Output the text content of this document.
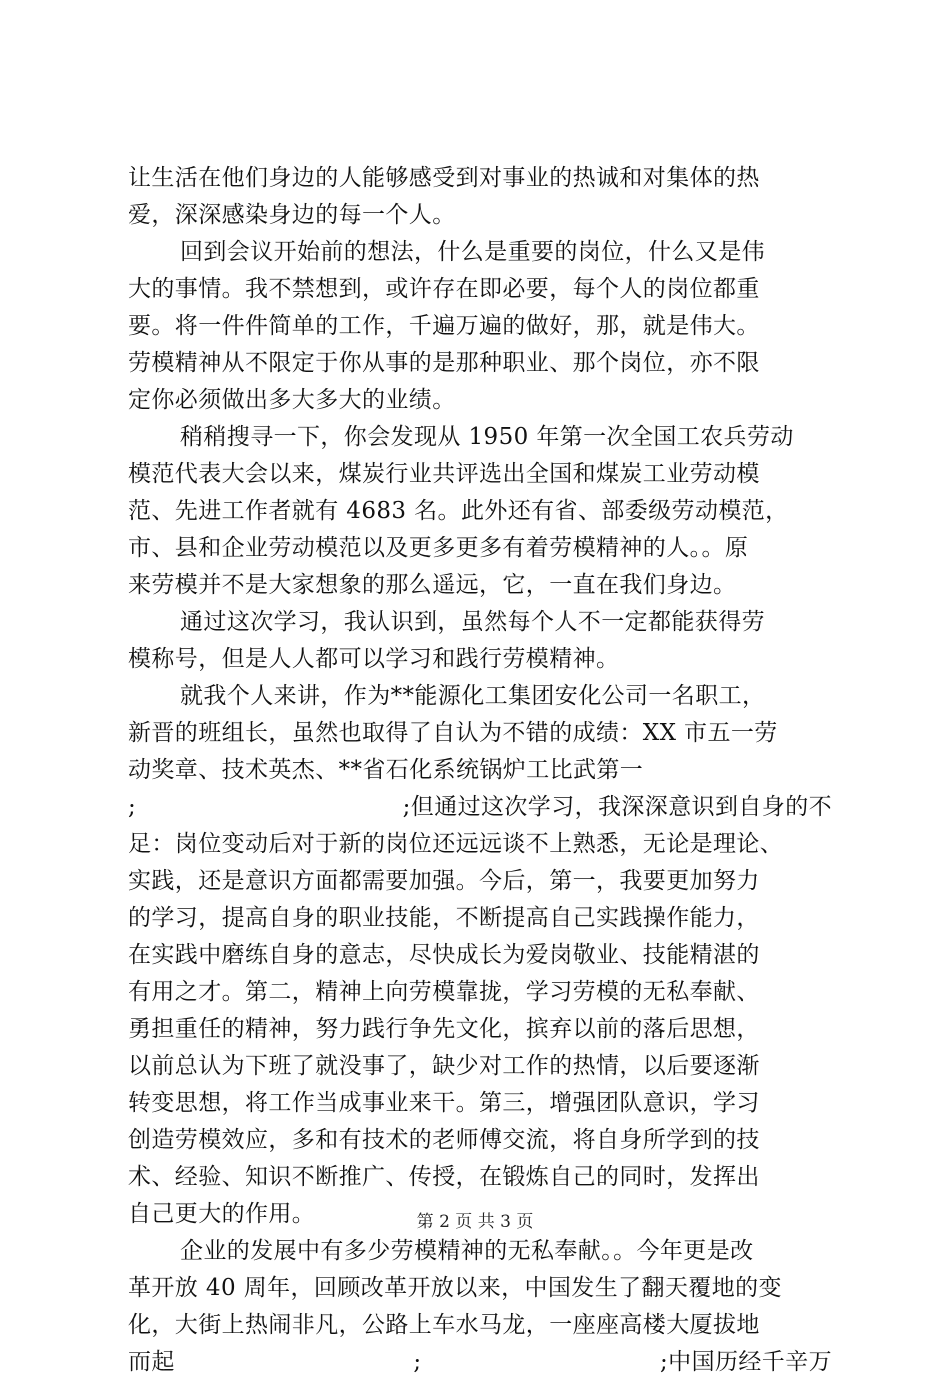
让生活在他们身边的人能够感受到对事业的热诚和对集体的热
爱，深深感染身边的每一个人。
回到会议开始前的想法，什么是重要的岗位，什么又是伟
大的事情。我不禁想到，或许存在即必要，每个人的岗位都重
要。将一件件简单的工作，千遍万遍的做好，那，就是伟大。
劳模精神从不限定于你从事的是那种职业、那个岗位，亦不限
定你必须做出多大多大的业绩。
稍稍搜寻一下，你会发现从 1950 年第一次全国工农兵劳动
模范代表大会以来，煤炭行业共评选出全国和煤炭工业劳动模
范、先进工作者就有 4683 名。此外还有省、部委级劳动模范，
市、县和企业劳动模范以及更多更多有着劳模精神的人。。原
来劳模并不是大家想象的那么遥远，它，一直在我们身边。
通过这次学习，我认识到，虽然每个人不一定都能获得劳
模称号，但是人人都可以学习和践行劳模精神。
就我个人来讲，作为**能源化工集团安化公司一名职工，
新晋的班组长，虽然也取得了自认为不错的成绩：XX 市五一劳
动奖章、技术英杰、**省石化系统锅炉工比武第一
;	;但通过这次学习，我深深意识到自身的不
足：岗位变动后对于新的岗位还远远谈不上熟悉，无论是理论、
实践，还是意识方面都需要加强。今后，第一，我要更加努力
的学习，提高自身的职业技能，不断提高自己实践操作能力，
在实践中磨练自身的意志，尽快成长为爱岗敬业、技能精湛的
有用之才。第二，精神上向劳模靠拢，学习劳模的无私奉献、
勇担重任的精神，努力践行争先文化，摈弃以前的落后思想，
以前总认为下班了就没事了，缺少对工作的热情，以后要逐渐
转变思想，将工作当成事业来干。第三，增强团队意识，学习
创造劳模效应，多和有技术的老师傅交流，将自身所学到的技
术、经验、知识不断推广、传授，在锻炼自己的同时，发挥出
自己更大的作用。
企业的发展中有多少劳模精神的无私奉献。。今年更是改
革开放 40 周年，回顾改革开放以来，中国发生了翻天覆地的变
化，大街上热闹非凡，公路上车水马龙，一座座高楼大厦拔地
而起	;	;中国历经千辛万
第 2 页 共 3 页
